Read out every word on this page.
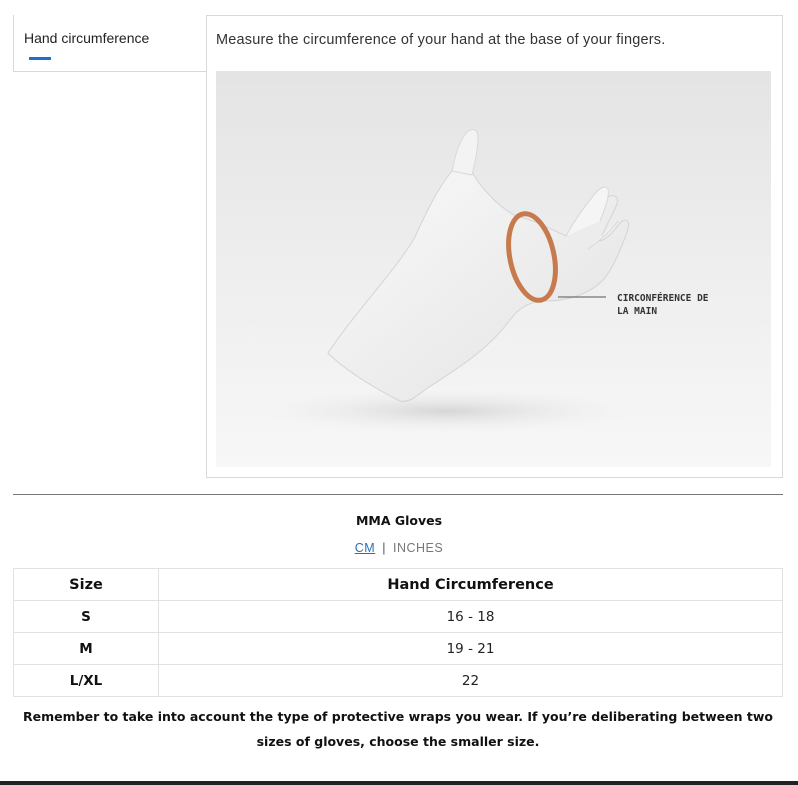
Hand circumference	Measure the circumference of your hand at the base of your fingers.

CIRCONFÉRENCE DE
LA MAIN
MMA Gloves
CM | INCHES
Size	Hand Circumference
S	16 - 18
M	19 - 21
L/XL	22

Remember to take into account the type of protective wraps you wear. If you’re deliberating between two sizes of gloves, choose the smaller size.
